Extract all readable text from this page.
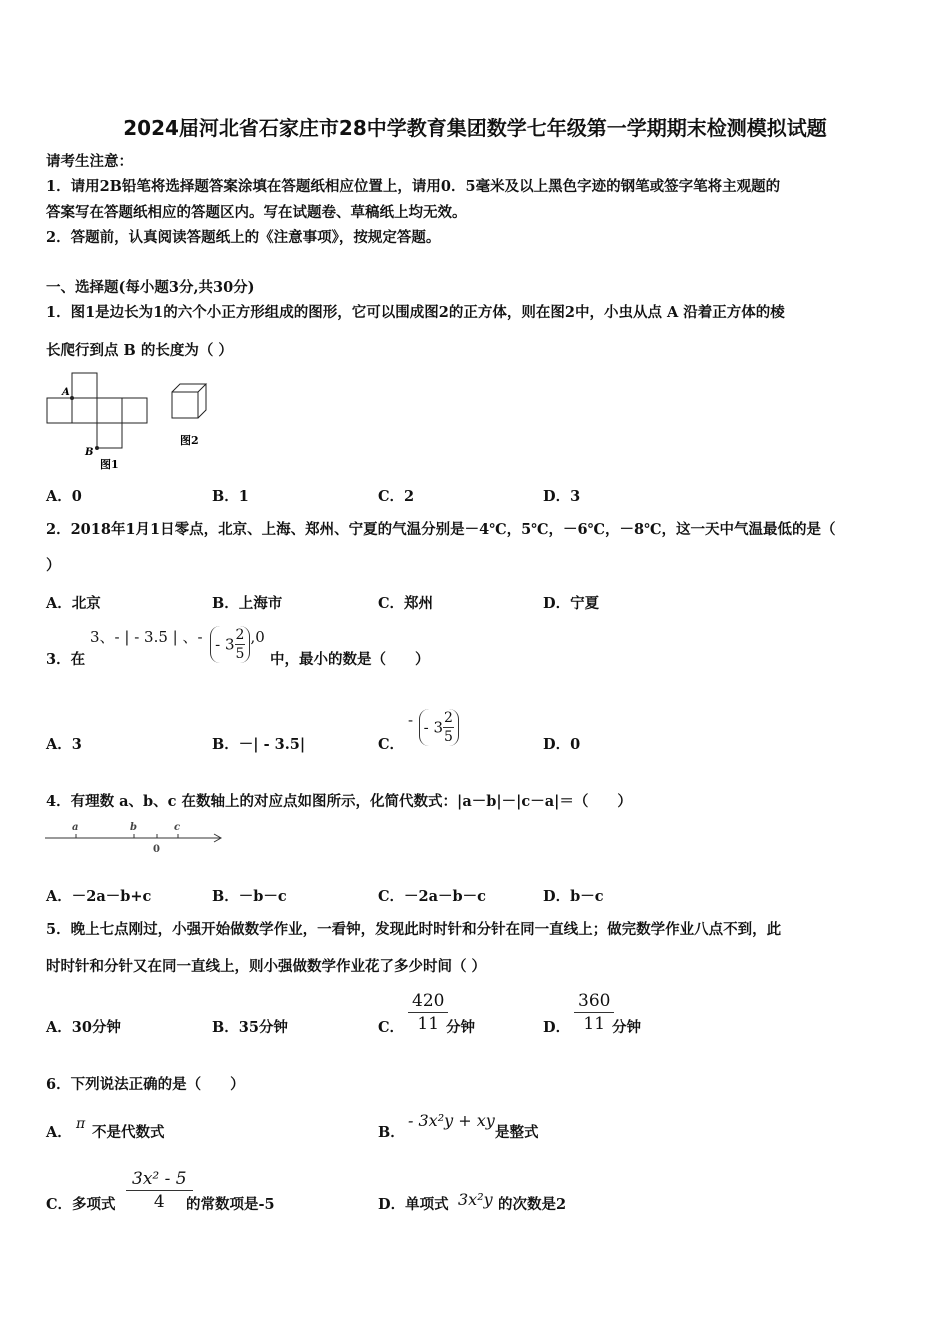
2024届河北省石家庄市28中学教育集团数学七年级第一学期期末检测模拟试题
请考生注意：
1．请用2B铅笔将选择题答案涂填在答题纸相应位置上，请用0．5毫米及以上黑色字迹的钢笔或签字笔将主观题的
答案写在答题纸相应的答题区内。写在试题卷、草稿纸上均无效。
2．答题前，认真阅读答题纸上的《注意事项》，按规定答题。
一、选择题(每小题3分,共30分)
1．图1是边长为1的六个小正方形组成的图形，它可以围成图2的正方体，则在图2中，小虫从点 A 沿着正方体的棱
长爬行到点 B 的长度为（ ）
A
B
图1
图2
A．0	B．1	C．2	D．3
2．2018年1月1日零点，北京、上海、郑州、宁夏的气温分别是－4℃，5℃，－6℃，－8℃，这一天中气温最低的是（
）
A．北京	B．上海市	C．郑州	D．宁夏
3．在
3、- | - 3.5 | 、- - $3 \frac{2}{5} ,0$
中，最小的数是（　　）
A．3	B．－| - 3.5|	C．
- - $3 \frac{2}{5}$	D．0
4．有理数 a、b、c 在数轴上的对应点如图所示，化简代数式：|a－b|－|c－a|＝（　　）
a	b	c
0
A．－2a－b+c	B．－b－c	C．－2a－b－c	D．b－c
5．晚上七点刚过，小强开始做数学作业，一看钟，发现此时时针和分针在同一直线上；做完数学作业八点不到，此
时时针和分针又在同一直线上，则小强做数学作业花了多少时间（ ）
A．30分钟	B．35分钟	C． $\frac{420}{11}$
分钟	D． $\frac{360}{11}$
分钟
6．下列说法正确的是（　　）
A． π 不是代数式	B．
- 3x²y + xy
是整式
C．多项式 $\frac{\text{3x² - 5}}{4}$
的常数项是-5	D．单项式 3x²y 的次数是2
